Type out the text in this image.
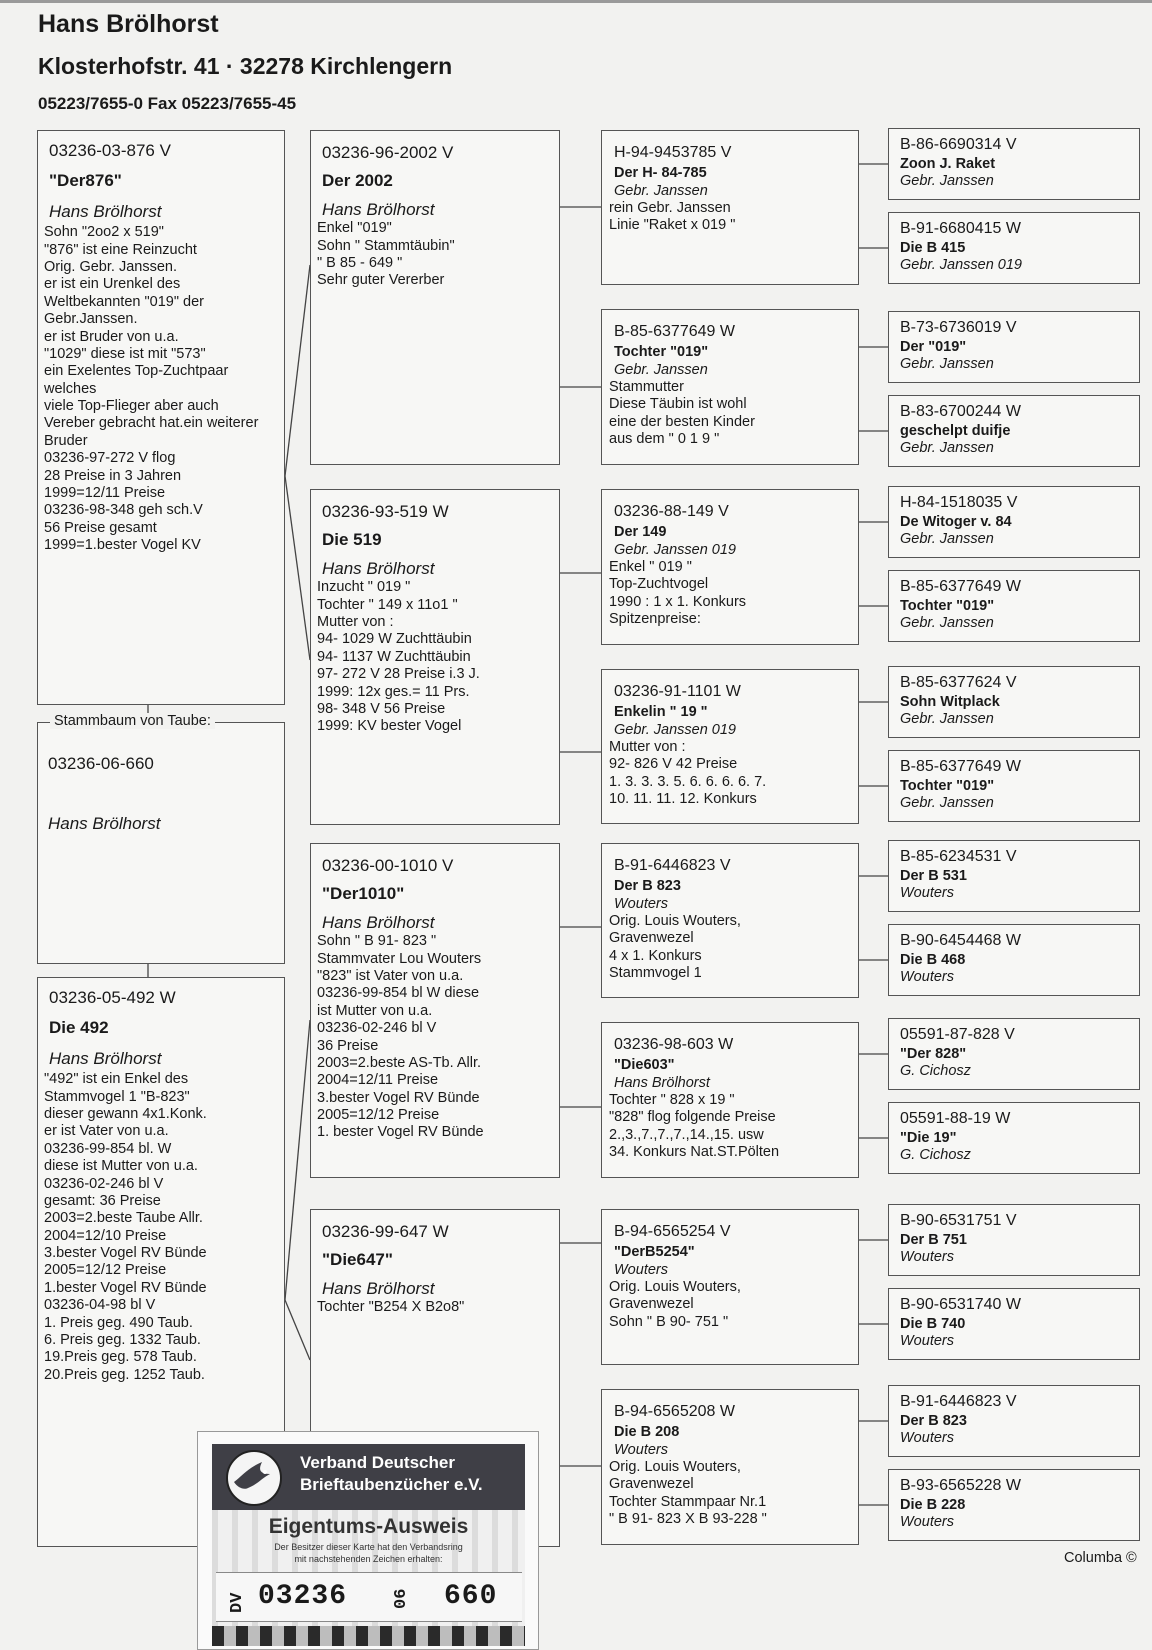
Hans Brölhorst
Klosterhofstr. 41 · 32278 Kirchlengern
05223/7655-0 Fax 05223/7655-45
03236-03-876 V
"Der876"
Hans Brölhorst
Sohn "2oo2 x 519"
"876" ist eine Reinzucht
Orig. Gebr. Janssen.
er ist ein Urenkel des
Weltbekannten "019" der
Gebr.Janssen.
er ist Bruder von u.a.
"1029" diese ist mit "573"
ein Exelentes Top-Zuchtpaar
welches
viele Top-Flieger aber auch
Vereber gebracht hat.ein weiterer
Bruder
03236-97-272 V flog
28 Preise in 3 Jahren
1999=12/11 Preise
03236-98-348 geh sch.V
56 Preise gesamt
1999=1.bester Vogel KV
Stammbaum von Taube:
03236-06-660
Hans Brölhorst
03236-05-492 W
Die 492
Hans Brölhorst
"492" ist ein Enkel des
Stammvogel 1 "B-823"
dieser gewann 4x1.Konk.
er ist Vater von u.a.
03236-99-854 bl. W
diese ist Mutter von u.a.
03236-02-246 bl V
gesamt: 36 Preise
2003=2.beste Taube Allr.
2004=12/10 Preise
3.bester Vogel RV Bünde
2005=12/12 Preise
1.bester Vogel RV Bünde
03236-04-98 bl V
1. Preis geg. 490 Taub.
6. Preis geg. 1332 Taub.
19.Preis geg. 578 Taub.
20.Preis geg. 1252 Taub.
03236-96-2002 V
Der 2002
Hans Brölhorst
Enkel "019"
Sohn " Stammtäubin"
" B 85 - 649 "
Sehr guter Vererber
03236-93-519 W
Die 519
Hans Brölhorst
Inzucht " 019 "
Tochter " 149 x 11o1 "
Mutter von :
94- 1029 W Zuchttäubin
94- 1137 W Zuchttäubin
97- 272 V 28 Preise i.3 J.
1999: 12x ges.= 11 Prs.
98- 348 V 56 Preise
1999: KV bester Vogel
03236-00-1010 V
"Der1010"
Hans Brölhorst
Sohn " B 91- 823 "
Stammvater Lou Wouters
"823" ist Vater von u.a.
03236-99-854 bl W diese
ist Mutter von u.a.
03236-02-246 bl V
36 Preise
2003=2.beste AS-Tb. Allr.
2004=12/11 Preise
3.bester Vogel RV Bünde
2005=12/12 Preise
1. bester Vogel RV Bünde
03236-99-647 W
"Die647"
Hans Brölhorst
Tochter "B254 X B2o8"
H-94-9453785 V
Der H- 84-785
Gebr. Janssen
rein Gebr. Janssen
Linie "Raket x 019 "
B-85-6377649 W
Tochter "019"
Gebr. Janssen
Stammutter
Diese Täubin ist wohl
eine der besten Kinder
aus dem " 0 1 9 "
03236-88-149 V
Der 149
Gebr. Janssen 019
Enkel " 019 "
Top-Zuchtvogel
1990 : 1 x 1. Konkurs
Spitzenpreise:
03236-91-1101 W
Enkelin " 19 "
Gebr. Janssen 019
Mutter von :
92- 826 V 42 Preise
1. 3. 3. 3. 5. 6. 6. 6. 6. 7.
10. 11. 11. 12. Konkurs
B-91-6446823 V
Der B 823
Wouters
Orig. Louis Wouters,
Gravenwezel
4 x 1. Konkurs
Stammvogel 1
03236-98-603 W
"Die603"
Hans Brölhorst
Tochter " 828 x 19 "
"828" flog folgende Preise
2.,3.,7.,7.,7.,14.,15. usw
34. Konkurs Nat.ST.Pölten
B-94-6565254 V
"DerB5254"
Wouters
Orig. Louis Wouters,
Gravenwezel
Sohn " B 90- 751 "
B-94-6565208 W
Die B 208
Wouters
Orig. Louis Wouters,
Gravenwezel
Tochter Stammpaar Nr.1
" B 91- 823 X B 93-228 "
B-86-6690314 V
Zoon J. Raket
Gebr. Janssen
B-91-6680415 W
Die B 415
Gebr. Janssen 019
B-73-6736019 V
Der "019"
Gebr. Janssen
B-83-6700244 W
geschelpt duifje
Gebr. Janssen
H-84-1518035 V
De Witoger v. 84
Gebr. Janssen
B-85-6377649 W
Tochter "019"
Gebr. Janssen
B-85-6377624 V
Sohn Witplack
Gebr. Janssen
B-85-6377649 W
Tochter "019"
Gebr. Janssen
B-85-6234531 V
Der B 531
Wouters
B-90-6454468 W
Die B 468
Wouters
05591-87-828 V
"Der 828"
G. Cichosz
05591-88-19 W
"Die 19"
G. Cichosz
B-90-6531751 V
Der B 751
Wouters
B-90-6531740 W
Die B 740
Wouters
B-91-6446823 V
Der B 823
Wouters
B-93-6565228 W
Die B 228
Wouters
Columba ©
Verband Deutscher
Brieftaubenzücher e.V.
Eigentums-Ausweis
Der Besitzer dieser Karte hat den Verbandsring
mit nachstehenden Zeichen erhalten:
DV 03236	06 660
